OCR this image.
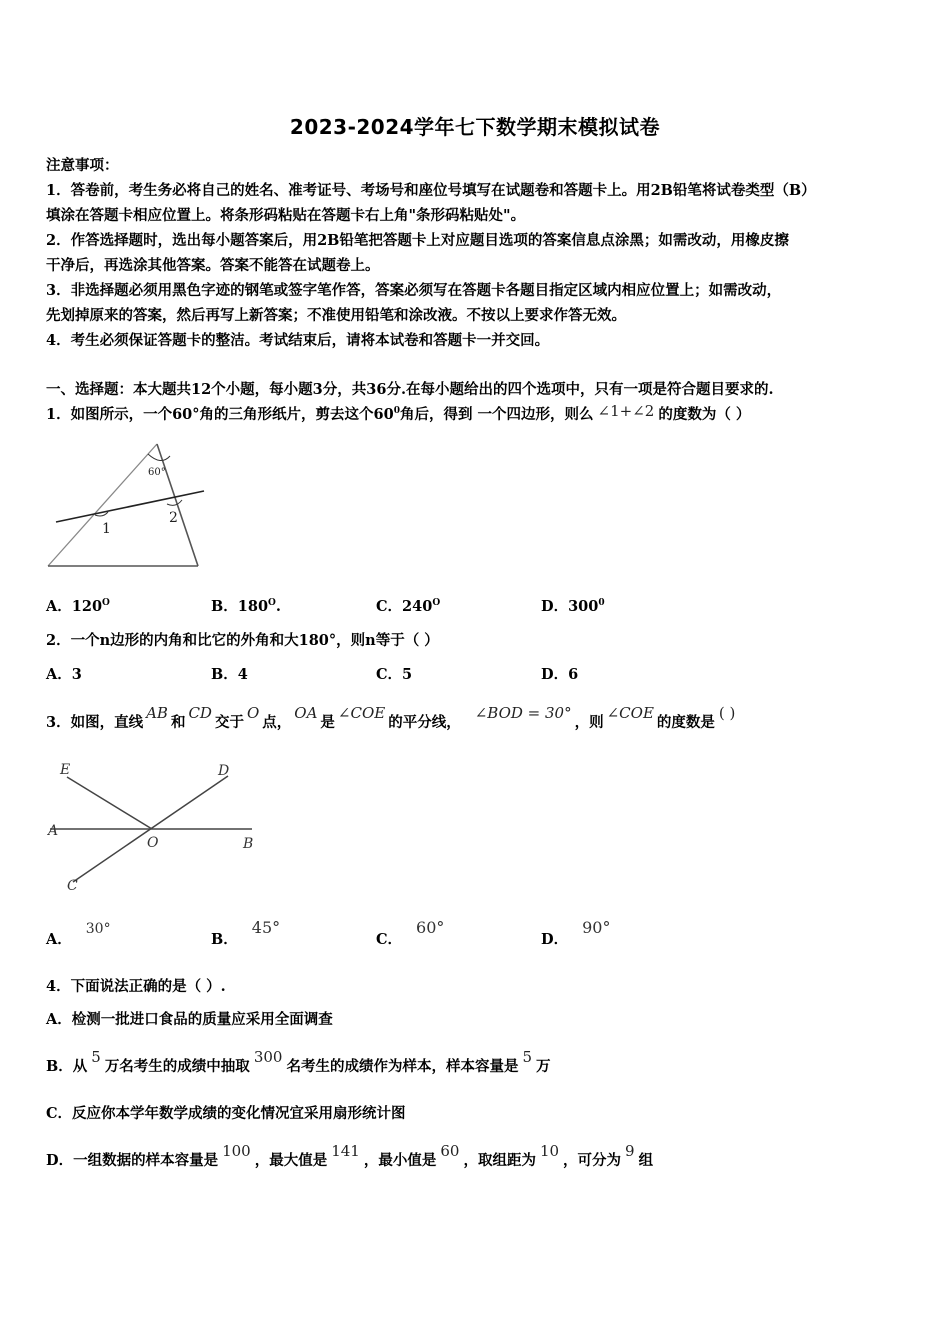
2023-2024学年七下数学期末模拟试卷
注意事项：
1．答卷前，考生务必将自己的姓名、准考证号、考场号和座位号填写在试题卷和答题卡上。用2B铅笔将试卷类型（B）
填涂在答题卡相应位置上。将条形码粘贴在答题卡右上角"条形码粘贴处"。
2．作答选择题时，选出每小题答案后，用2B铅笔把答题卡上对应题目选项的答案信息点涂黑；如需改动，用橡皮擦
干净后，再选涂其他答案。答案不能答在试题卷上。
3．非选择题必须用黑色字迹的钢笔或签字笔作答，答案必须写在答题卡各题目指定区域内相应位置上；如需改动，
先划掉原来的答案，然后再写上新答案；不准使用铅笔和涂改液。不按以上要求作答无效。
4．考生必须保证答题卡的整洁。考试结束后，请将本试卷和答题卡一并交回。
一、选择题：本大题共12个小题，每小题3分，共36分.在每小题给出的四个选项中，只有一项是符合题目要求的.
1．如图所示，一个60°角的三角形纸片，剪去这个$60^0$角后，得到 一个四边形，则么 ∠1+∠2 的度数为（ ）
60°
1
2
A．$120^O$	B．$180^O$.	C．$240^O$	D．$300^0$
2．一个n边形的内角和比它的外角和大180°，则n等于（ ）
A．3	B．4	C．5	D．6
3．如图，直线AB和CD交于O点，OA是∠COE的平分线，∠BOD = 30°，则∠COE的度数是( )
E	D
A
O	B
C
A．30°
B．45°
C．60°
D．90°
4．下面说法正确的是（ ）.
A．检测一批进口食品的质量应采用全面调查
B．从5万名考生的成绩中抽取300名考生的成绩作为样本，样本容量是5万
C．反应你本学年数学成绩的变化情况宜采用扇形统计图
D．一组数据的样本容量是100，最大值是141，最小值是60，取组距为10，可分为9组
